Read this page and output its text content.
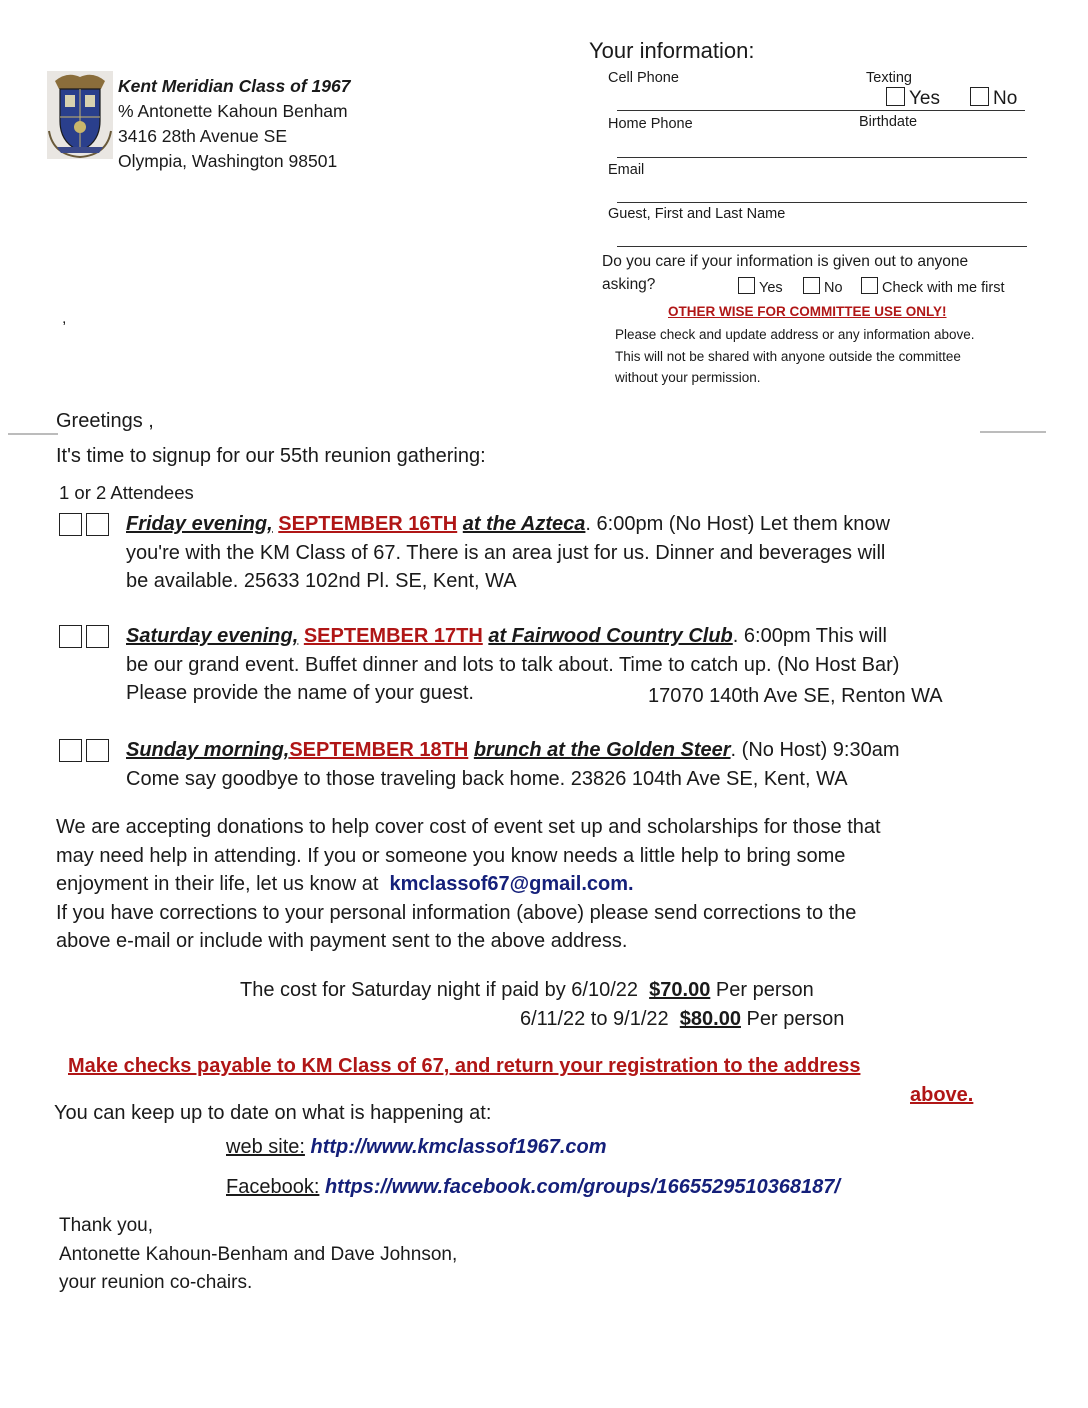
Kent Meridian Class of 1967
% Antonette Kahoun Benham
3416 28th Avenue SE
Olympia, Washington 98501
Your information:
Cell Phone	Texting
Yes	No
Home Phone	Birthdate
Email
Guest, First and Last Name
Do you care if your information is given out to anyone
asking?	Yes	No	Check with me first
OTHER WISE FOR COMMITTEE USE ONLY!
Please check and update address or any information above.
This will not be shared with anyone outside the committee
without your permission.
,
Greetings ,
It's time to signup for our 55th reunion gathering:
1 or 2 Attendees
Friday evening, SEPTEMBER 16TH at the Azteca. 6:00pm (No Host) Let them know
you're with the KM Class of 67. There is an area just for us. Dinner and beverages will
be available. 25633 102nd Pl. SE, Kent, WA
Saturday evening, SEPTEMBER 17TH at Fairwood Country Club. 6:00pm This will
be our grand event. Buffet dinner and lots to talk about. Time to catch up. (No Host Bar)
Please provide the name of your guest.	17070 140th Ave SE, Renton WA
Sunday morning,SEPTEMBER 18TH brunch at the Golden Steer. (No Host) 9:30am
Come say goodbye to those traveling back home. 23826 104th Ave SE, Kent, WA
We are accepting donations to help cover cost of event set up and scholarships for those that
may need help in attending. If you or someone you know needs a little help to bring some
enjoyment in their life, let us know at kmclassof67@gmail.com.
If you have corrections to your personal information (above) please send corrections to the
above e-mail or include with payment sent to the above address.
The cost for Saturday night if paid by 6/10/22 $70.00 Per person
6/11/22 to 9/1/22 $80.00 Per person
Make checks payable to KM Class of 67, and return your registration to the address
above.
You can keep up to date on what is happening at:
web site: http://www.kmclassof1967.com
Facebook: https://www.facebook.com/groups/1665529510368187/
Thank you,
Antonette Kahoun-Benham and Dave Johnson,
your reunion co-chairs.
